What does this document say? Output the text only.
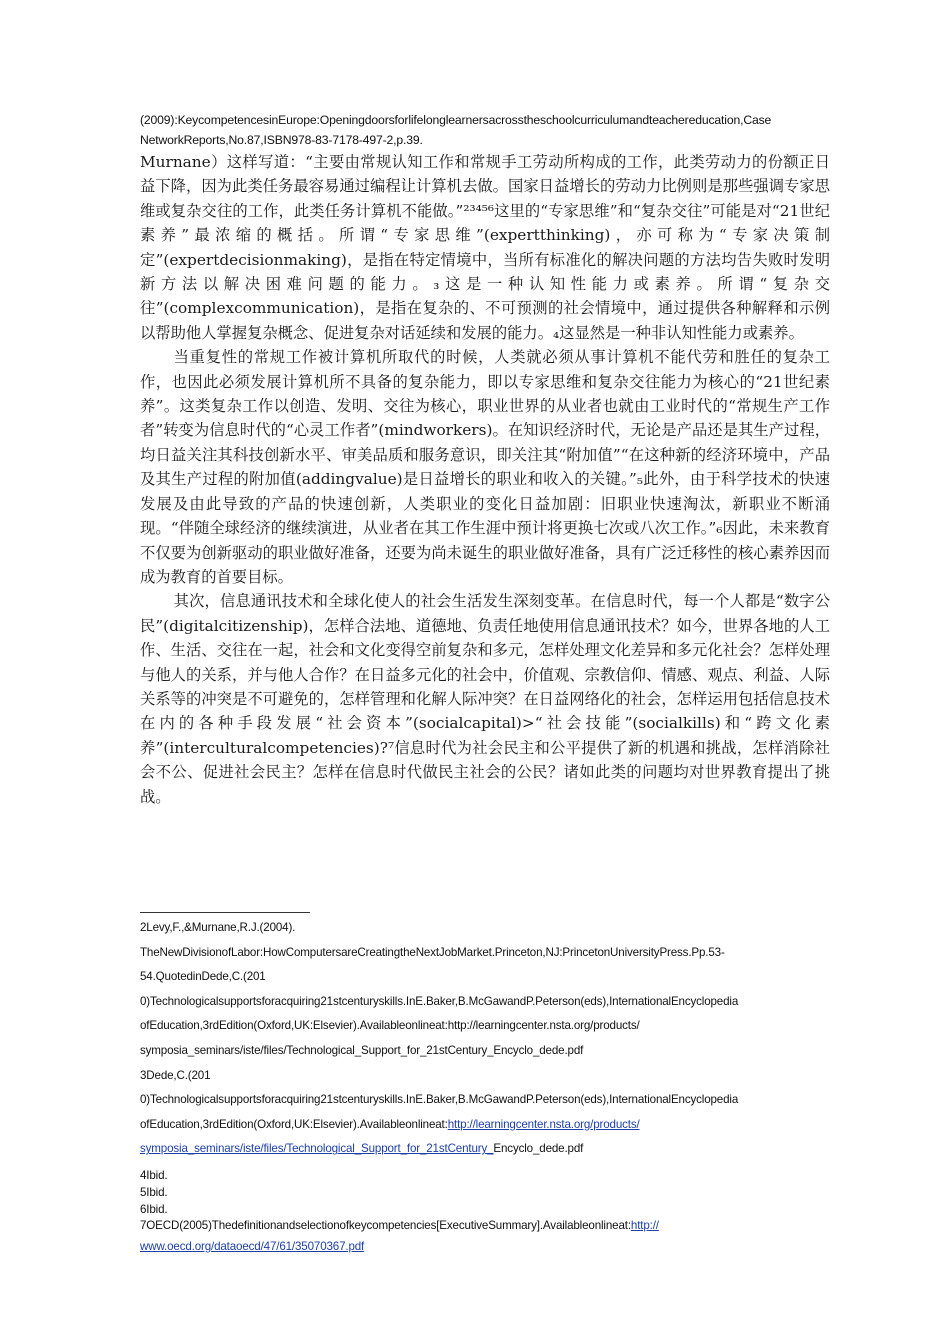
(2009):KeycompetencesinEurope:Openingdoorsforlifelonglearnersacrosstheschoolcurriculumandteachereducation,Case
NetworkReports,No.87,ISBN978-83-7178-497-2,p.39.

Murnane）这样写道：“主要由常规认知工作和常规手工劳动所构成的工作，此类劳动力的份额正日益下降，因为此类任务最容易通过编程让计算机去做。国家日益增长的劳动力比例则是那些强调专家思维或复杂交往的工作，此类任务计算机不能做。”²³⁴⁵⁶这里的“专家思维”和“复杂交往”可能是对“21世纪素养”最浓缩的概括。所谓“专家思维”(expertthinking)，亦可称为“专家决策制定”(expertdecisionmaking)，是指在特定情境中，当所有标准化的解决问题的方法均告失败时发明新方法以解决困难问题的能力。₃这是一种认知性能力或素养。所谓“复杂交往”(complexcommunication)，是指在复杂的、不可预测的社会情境中，通过提供各种解释和示例以帮助他人掌握复杂概念、促进复杂对话延续和发展的能力。₄这显然是一种非认知性能力或素养。

当重复性的常规工作被计算机所取代的时候，人类就必须从事计算机不能代劳和胜任的复杂工作，也因此必须发展计算机所不具备的复杂能力，即以专家思维和复杂交往能力为核心的“21世纪素养”。这类复杂工作以创造、发明、交往为核心，职业世界的从业者也就由工业时代的“常规生产工作者”转变为信息时代的“心灵工作者”(mindworkers)。在知识经济时代，无论是产品还是其生产过程，均日益关注其科技创新水平、审美品质和服务意识，即关注其“附加值”“在这种新的经济环境中，产品及其生产过程的附加值(addingvalue)是日益增长的职业和收入的关键。”₅此外，由于科学技术的快速发展及由此导致的产品的快速创新，人类职业的变化日益加剧：旧职业快速淘汰，新职业不断涌现。“伴随全球经济的继续演进，从业者在其工作生涯中预计将更换七次或八次工作。”₆因此，未来教育不仅要为创新驱动的职业做好准备，还要为尚未诞生的职业做好准备，具有广泛迁移性的核心素养因而成为教育的首要目标。

其次，信息通讯技术和全球化使人的社会生活发生深刻变革。在信息时代，每一个人都是“数字公民”(digitalcitizenship)，怎样合法地、道德地、负责任地使用信息通讯技术？如今，世界各地的人工作、生活、交往在一起，社会和文化变得空前复杂和多元，怎样处理文化差异和多元化社会？怎样处理与他人的关系，并与他人合作？在日益多元化的社会中，价值观、宗教信仰、情感、观点、利益、人际关系等的冲突是不可避免的，怎样管理和化解人际冲突？在日益网络化的社会，怎样运用包括信息技术在内的各种手段发展“社会资本”(socialcapital)>“社会技能”(socialkills)和“跨文化素养”(interculturalcompetencies)?⁷信息时代为社会民主和公平提供了新的机遇和挑战，怎样消除社会不公、促进社会民主？怎样在信息时代做民主社会的公民？诸如此类的问题均对世界教育提出了挑战。

2Levy,F.,&Murnane,R.J.(2004).
TheNewDivisionofLabor:HowComputersareCreatingtheNextJobMarket.Princeton,NJ:PrincetonUniversityPress.Pp.53-
54.QuotedinDede,C.(201
0)Technologicalsupportsforacquiring21stcenturyskills.InE.Baker,B.McGawandP.Peterson(eds),InternationalEncyclopedia
ofEducation,3rdEdition(Oxford,UK:Elsevier).Availableonlineat:http://learningcenter.nsta.org/products/
symposia_seminars/iste/files/Technological_Support_for_21stCentury_Encyclo_dede.pdf
3Dede,C.(201
0)Technologicalsupportsforacquiring21stcenturyskills.InE.Baker,B.McGawandP.Peterson(eds),InternationalEncyclopedia
ofEducation,3rdEdition(Oxford,UK:Elsevier).Availableonlineat:http://learningcenter.nsta.org/products/
symposia_seminars/iste/files/Technological_Support_for_21stCentury_Encyclo_dede.pdf
4Ibid.
5Ibid.
6Ibid.
7OECD(2005)Thedefinitionandselectionofkeycompetencies[ExecutiveSummary].Availableonlineat:http://
www.oecd.org/dataoecd/47/61/35070367.pdf
